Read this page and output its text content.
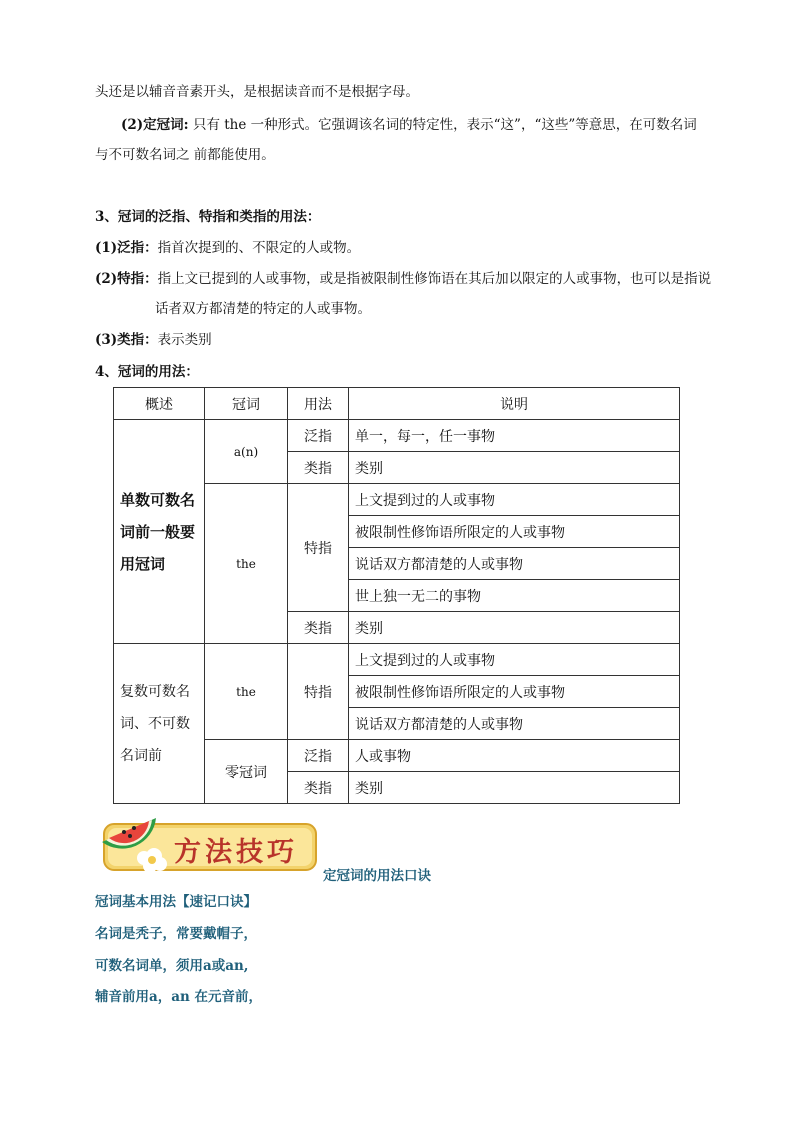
头还是以辅音音素开头，是根据读音而不是根据字母。
(2)定冠词: 只有 the 一种形式。它强调该名词的特定性，表示“这”，“这些”等意思，在可数名词
与不可数名词之 前都能使用。
3、冠词的泛指、特指和类指的用法：
(1)泛指：指首次提到的、不限定的人或物。
(2)特指：指上文已提到的人或事物，或是指被限制性修饰语在其后加以限定的人或事物，也可以是指说
话者双方都清楚的特定的人或事物。
(3)类指：表示类别
4、冠词的用法：
概述	冠词	用法	说明

单数可数名词前一般要用冠词	a(n)	泛指	单一，每一，任一事物
		类指	类别
	the	特指	上文提到过的人或事物
			被限制性修饰语所限定的人或事物
			说话双方都清楚的人或事物
			世上独一无二的事物
		类指	类别

复数可数名词、不可数名词前	the	特指	上文提到过的人或事物
			被限制性修饰语所限定的人或事物
			说话双方都清楚的人或事物
	零冠词	泛指	人或事物
		类指	类别
方法技巧
定冠词的用法口诀
冠词基本用法【速记口诀】
名词是秃子，常要戴帽子，
可数名词单，须用a或an,
辅音前用a，an 在元音前，
